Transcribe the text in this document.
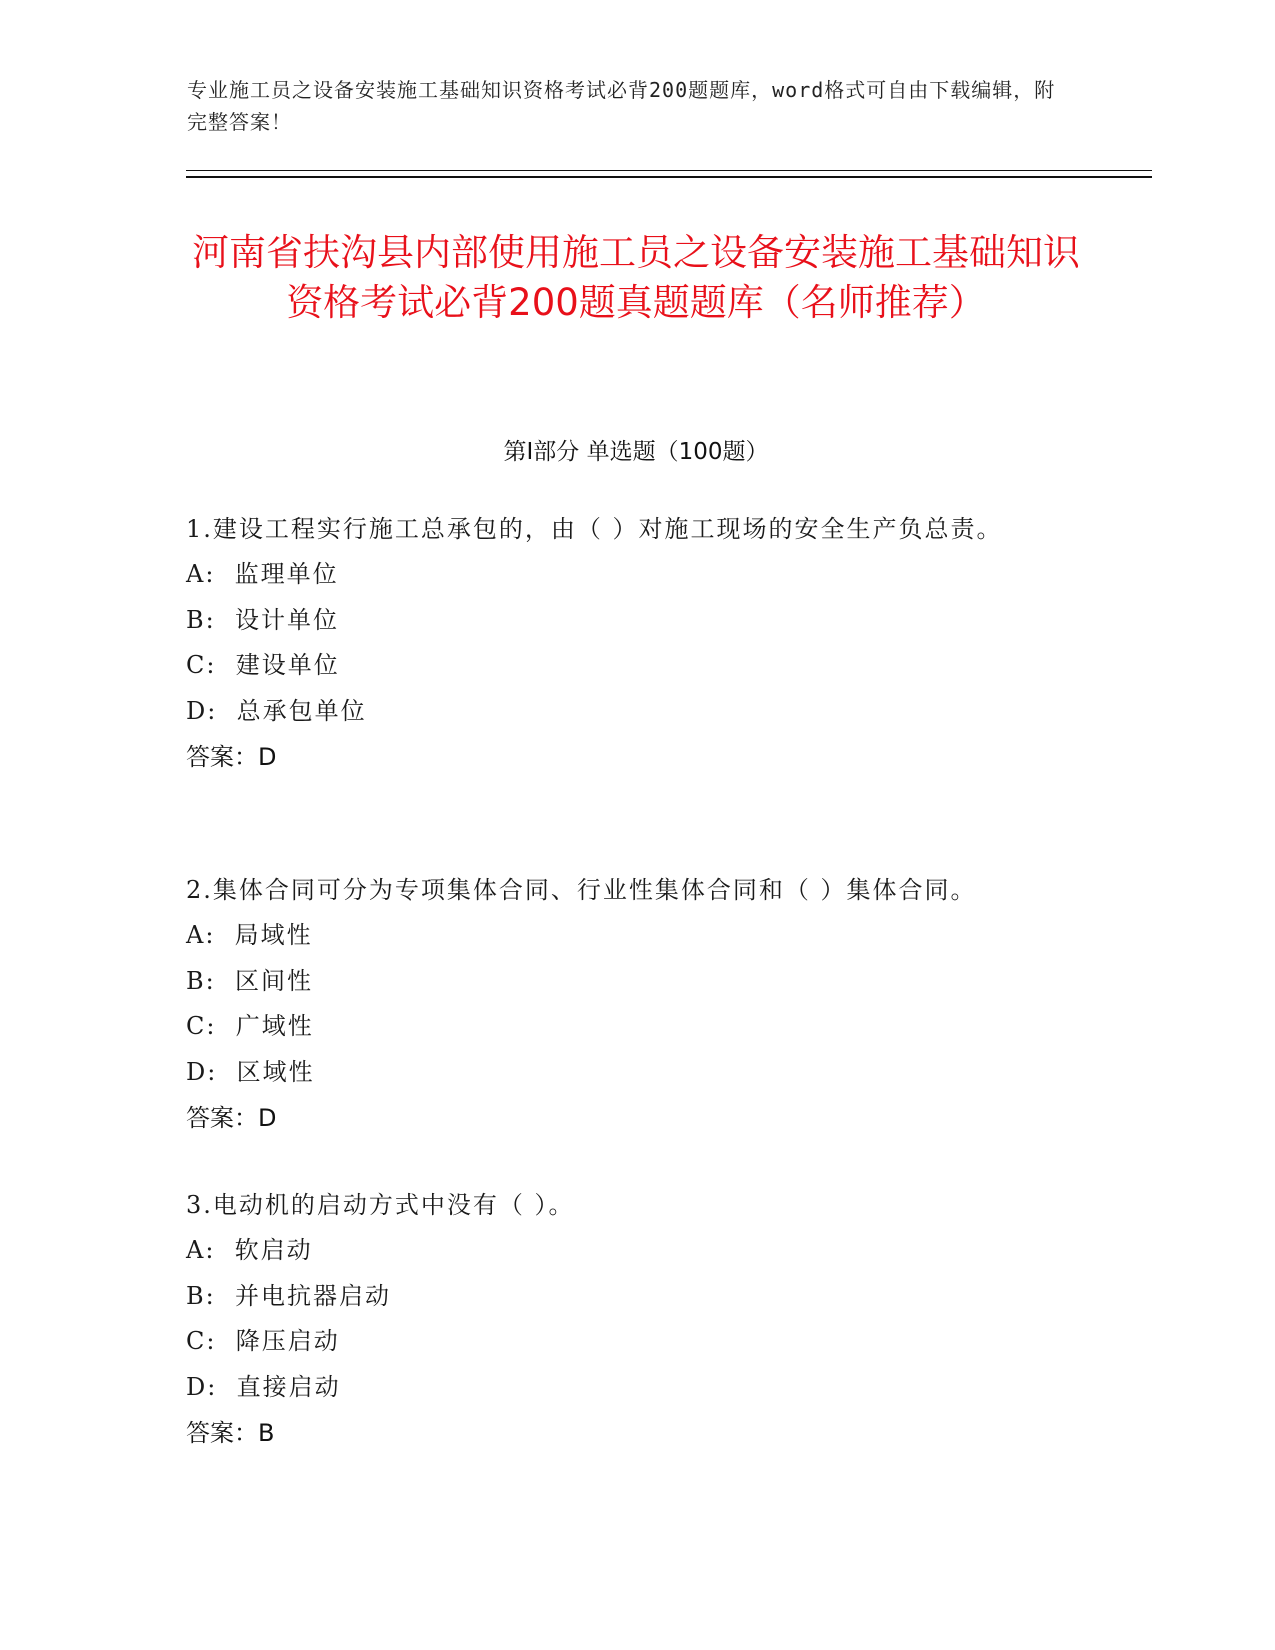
专业施工员之设备安装施工基础知识资格考试必背200题题库，word格式可自由下载编辑，附完整答案！
河南省扶沟县内部使用施工员之设备安装施工基础知识资格考试必背200题真题题库（名师推荐）
第I部分 单选题（100题）

1.建设工程实行施工总承包的，由（ ）对施工现场的安全生产负总责。

A:  监理单位

B:  设计单位

C:  建设单位

D:  总承包单位

答案：D

2.集体合同可分为专项集体合同、行业性集体合同和（ ）集体合同。

A:  局域性

B:  区间性

C:  广域性

D:  区域性

答案：D

3.电动机的启动方式中没有（ ）。

A:  软启动

B:  并电抗器启动

C:  降压启动

D:  直接启动

答案：B
